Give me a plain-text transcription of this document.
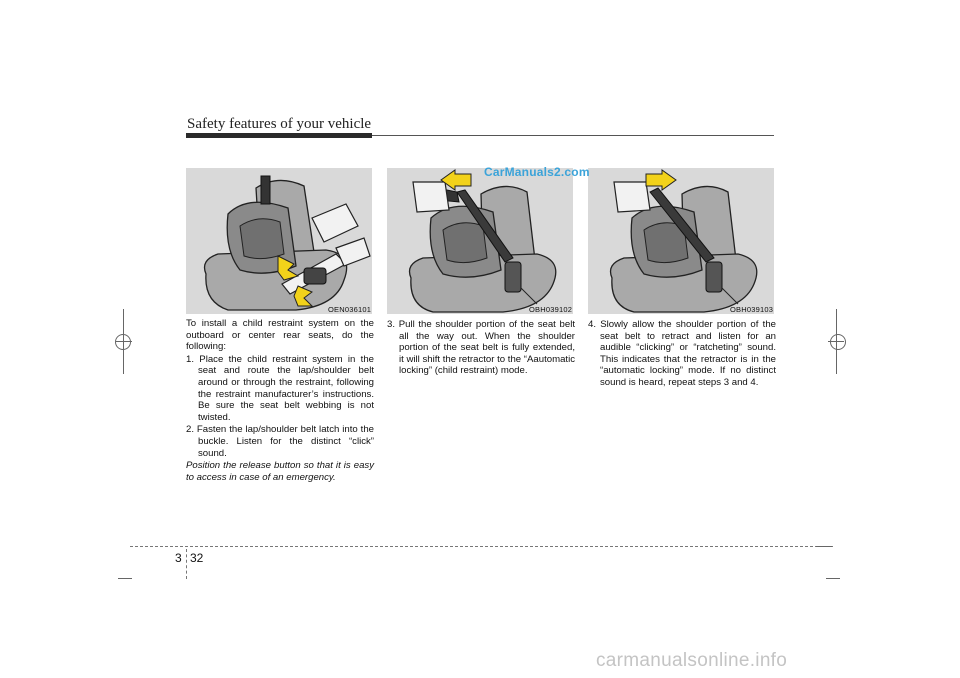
Safety features of your vehicle
OEN036101	OBH039102	OBH039103
CarManuals2.com

To install a child restraint system on the outboard or center rear seats, do the following:

1. Place the child restraint system in the seat and route the lap/shoulder belt around or through the restraint, following the restraint manufacturer’s instructions. Be sure the seat belt webbing is not twisted.

2. Fasten the lap/shoulder belt latch into the buckle. Listen for the distinct “click” sound.

Position the release button so that it is easy to access in case of an emergency.

3. Pull the shoulder portion of the seat belt all the way out. When the shoulder portion of the seat belt is fully extended, it will shift the retractor to the “Aautomatic locking” (child restraint) mode.

4. Slowly allow the shoulder portion of the seat belt to retract and listen for an audible “clicking” or “ratcheting” sound. This indicates that the retractor is in the “automatic locking” mode. If no distinct sound is heard, repeat steps 3 and 4.

3 32
carmanualsonline.info
